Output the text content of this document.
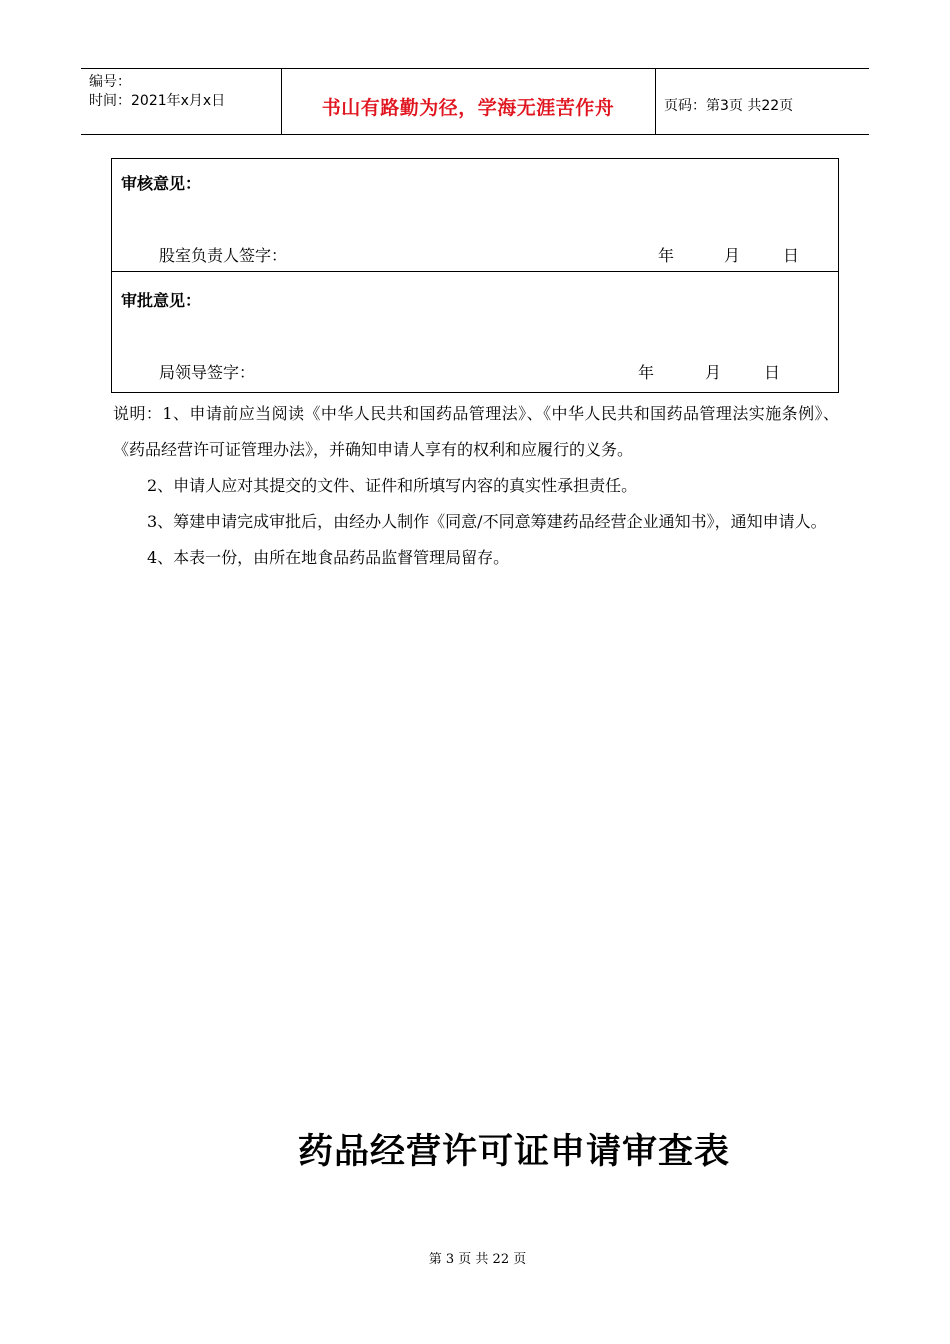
编号：
时间：2021年x月x日	书山有路勤为径，学海无涯苦作舟	页码：第3页 共22页
审核意见：
股室负责人签字：	年	月	日
审批意见：
局领导签字：	年	月	日

说明：1、申请前应当阅读《中华人民共和国药品管理法》、《中华人民共和国药品管理法实施条例》、《药品经营许可证管理办法》，并确知申请人享有的权利和应履行的义务。

2、申请人应对其提交的文件、证件和所填写内容的真实性承担责任。

3、筹建申请完成审批后，由经办人制作《同意/不同意筹建药品经营企业通知书》，通知申请人。

4、本表一份，由所在地食品药品监督管理局留存。

药品经营许可证申请审查表
第 3 页 共 22 页
